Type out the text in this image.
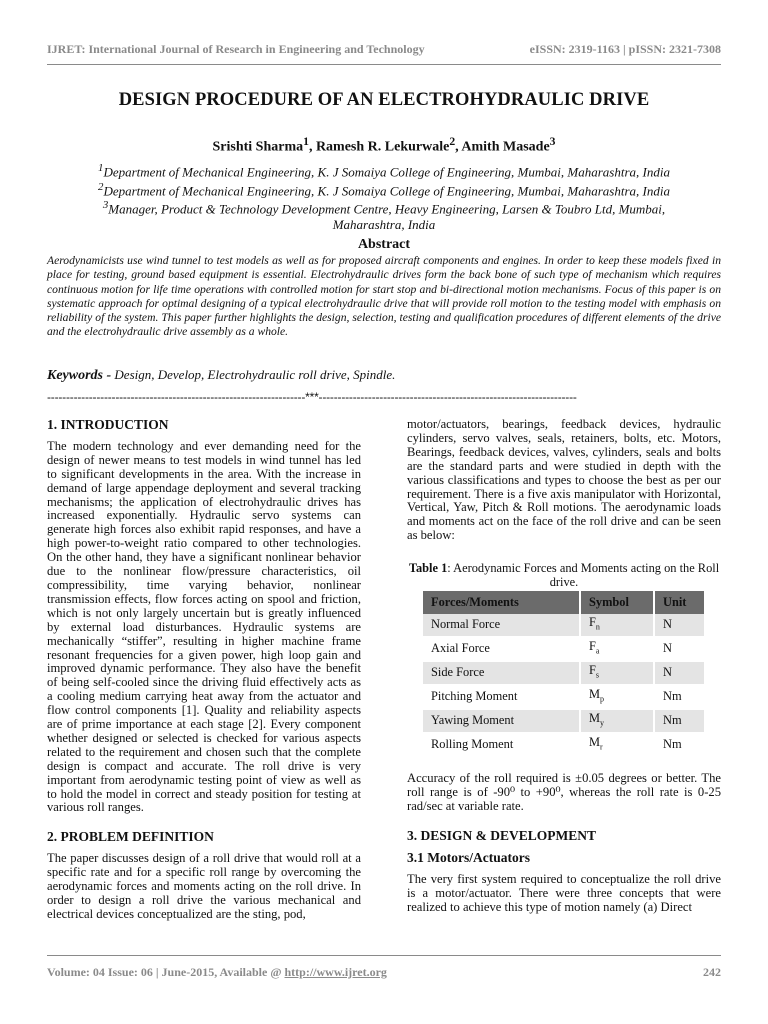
IJRET: International Journal of Research in Engineering and Technology	eISSN: 2319-1163 | pISSN: 2321-7308
DESIGN PROCEDURE OF AN ELECTROHYDRAULIC DRIVE
Srishti Sharma$^1$, Ramesh R. Lekurwale$^2$, Amith Masade$^3$
$^1$Department of Mechanical Engineering, K. J Somaiya College of Engineering, Mumbai, Maharashtra, India
$^2$Department of Mechanical Engineering, K. J Somaiya College of Engineering, Mumbai, Maharashtra, India
$^3$Manager, Product & Technology Development Centre, Heavy Engineering, Larsen & Toubro Ltd, Mumbai, Maharashtra, India
Abstract
Aerodynamicists use wind tunnel to test models as well as for proposed aircraft components and engines. In order to keep these models fixed in place for testing, ground based equipment is essential. Electrohydraulic drives form the back bone of such type of mechanism which requires continuous motion for life time operations with controlled motion for start stop and bi-directional motion mechanisms. Focus of this paper is on systematic approach for optimal designing of a typical electrohydraulic drive that will provide roll motion to the testing model with emphasis on reliability of the system. This paper further highlights the design, selection, testing and qualification procedures of different elements of the drive and the electrohydraulic drive assembly as a whole.
Keywords - Design, Develop, Electrohydraulic roll drive, Spindle.
--------------------------------------------------------------------***--------------------------------------------------------------------
1. INTRODUCTION

The modern technology and ever demanding need for the design of newer means to test models in wind tunnel has led to significant developments in the area. With the increase in demand of large appendage deployment and several tracking mechanisms; the application of electrohydraulic drives has increased exponentially. Hydraulic servo systems can generate high forces also exhibit rapid responses, and have a high power-to-weight ratio compared to other technologies. On the other hand, they have a significant nonlinear behavior due to the nonlinear flow/pressure characteristics, oil compressibility, time varying behavior, nonlinear transmission effects, flow forces acting on spool and friction, which is not only largely uncertain but is greatly influenced by external load disturbances. Hydraulic systems are mechanically “stiffer”, resulting in higher machine frame resonant frequencies for a given power, high loop gain and improved dynamic performance. They also have the benefit of being self-cooled since the driving fluid effectively acts as a cooling medium carrying heat away from the actuator and flow control components [1]. Quality and reliability aspects are of prime importance at each stage [2]. Every component whether designed or selected is checked for various aspects related to the requirement and chosen such that the complete design is compact and accurate. The roll drive is very important from aerodynamic testing point of view as well as to hold the model in correct and steady position for testing at various roll ranges.

2. PROBLEM DEFINITION

The paper discusses design of a roll drive that would roll at a specific rate and for a specific roll range by overcoming the aerodynamic forces and moments acting on the roll drive. In order to design a roll drive the various mechanical and electrical devices conceptualized are the sting, pod,

motor/actuators, bearings, feedback devices, hydraulic cylinders, servo valves, seals, retainers, bolts, etc. Motors, Bearings, feedback devices, valves, cylinders, seals and bolts are the standard parts and were studied in depth with the various classifications and types to choose the best as per our requirement. There is a five axis manipulator with Horizontal, Vertical, Yaw, Pitch & Roll motions. The aerodynamic loads and moments act on the face of the roll drive and can be seen as below:

Table 1: Aerodynamic Forces and Moments acting on the Roll drive.
Forces/Moments	Symbol	Unit
Normal Force	$F_n$	N
Axial Force	$F_a$	N
Side Force	$F_s$	N
Pitching Moment	$M_p$	Nm
Yawing Moment	$M_y$	Nm
Rolling Moment	$M_r$	Nm

Accuracy of the roll required is ±0.05 degrees or better. The roll range is of -90⁰ to +90⁰, whereas the roll rate is 0-25 rad/sec at variable rate.

3. DESIGN & DEVELOPMENT
3.1 Motors/Actuators

The very first system required to conceptualize the roll drive is a motor/actuator. There were three concepts that were realized to achieve this type of motion namely (a) Direct

Volume: 04 Issue: 06 | June-2015, Available @ http://www.ijret.org	242
